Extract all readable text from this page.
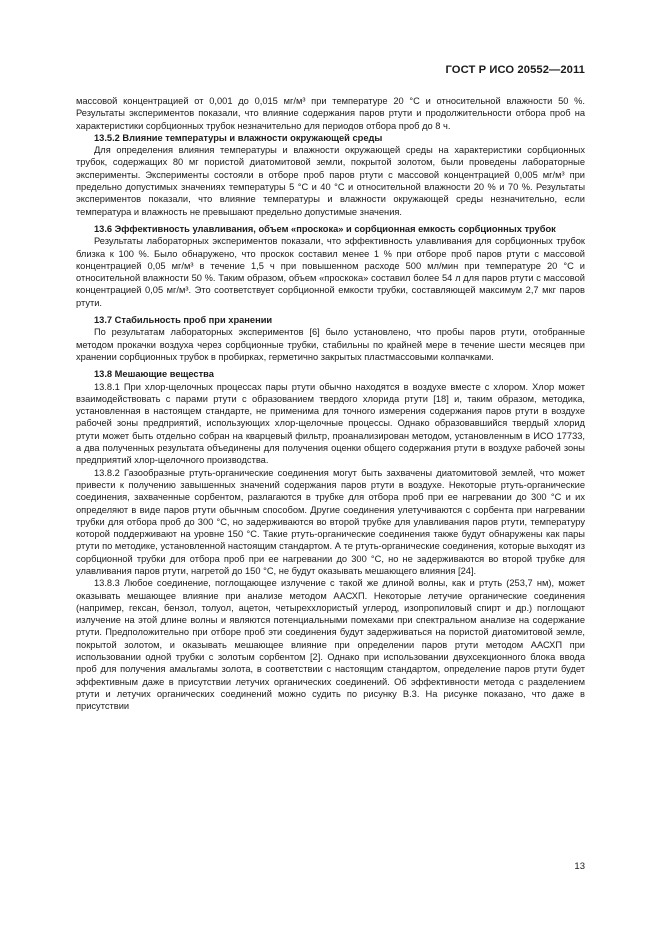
ГОСТ Р ИСО 20552—2011

массовой концентрацией от 0,001 до 0,015 мг/м³ при температуре 20 °С и относительной влажности 50 %. Результаты экспериментов показали, что влияние содержания паров ртути и продолжительности отбора проб на характеристики сорбционных трубок незначительно для периодов отбора проб до 8 ч.

13.5.2 Влияние температуры и влажности окружающей среды

Для определения влияния температуры и влажности окружающей среды на характеристики сорбционных трубок, содержащих 80 мг пористой диатомитовой земли, покрытой золотом, были проведены лабораторные эксперименты. Эксперименты состояли в отборе проб паров ртути с массовой концентрацией 0,005 мг/м³ при предельно допустимых значениях температуры 5 °С и 40 °С и относительной влажности 20 % и 70 %. Результаты экспериментов показали, что влияние температуры и влажности окружающей среды незначительно, если температура и влажность не превышают предельно допустимые значения.

13.6 Эффективность улавливания, объем «проскока» и сорбционная емкость сорбционных трубок

Результаты лабораторных экспериментов показали, что эффективность улавливания для сорбционных трубок близка к 100 %. Было обнаружено, что проскок составил менее 1 % при отборе проб паров ртути с массовой концентрацией 0,05 мг/м³ в течение 1,5 ч при повышенном расходе 500 мл/мин при температуре 20 °С и относительной влажности 50 %. Таким образом, объем «проскока» составил более 54 л для паров ртути с массовой концентрацией 0,05 мг/м³. Это соответствует сорбционной емкости трубки, составляющей максимум 2,7 мкг паров ртути.

13.7 Стабильность проб при хранении

По результатам лабораторных экспериментов [6] было установлено, что пробы паров ртути, отобранные методом прокачки воздуха через сорбционные трубки, стабильны по крайней мере в течение шести месяцев при хранении сорбционных трубок в пробирках, герметично закрытых пластмассовыми колпачками.

13.8 Мешающие вещества

13.8.1 При хлор-щелочных процессах пары ртути обычно находятся в воздухе вместе с хлором. Хлор может взаимодействовать с парами ртути с образованием твердого хлорида ртути [18] и, таким образом, методика, установленная в настоящем стандарте, не применима для точного измерения содержания паров ртути в воздухе рабочей зоны предприятий, использующих хлор-щелочные процессы. Однако образовавшийся твердый хлорид ртути может быть отдельно собран на кварцевый фильтр, проанализирован методом, установленным в ИСО 17733, а два полученных результата объединены для получения оценки общего содержания ртути в воздухе рабочей зоны предприятий хлор-щелочного производства.

13.8.2 Газообразные ртуть-органические соединения могут быть захвачены диатомитовой землей, что может привести к получению завышенных значений содержания паров ртути в воздухе. Некоторые ртуть-органические соединения, захваченные сорбентом, разлагаются в трубке для отбора проб при ее нагревании до 300 °С и их определяют в виде паров ртути обычным способом. Другие соединения улетучиваются с сорбента при нагревании трубки для отбора проб до 300 °С, но задерживаются во второй трубке для улавливания паров ртути, температуру которой поддерживают на уровне 150 °С. Такие ртуть-органические соединения также будут обнаружены как пары ртути по методике, установленной настоящим стандартом. А те ртуть-органические соединения, которые выходят из сорбционной трубки для отбора проб при ее нагревании до 300 °С, но не задерживаются во второй трубке для улавливания паров ртути, нагретой до 150 °С, не будут оказывать мешающего влияния [24].

13.8.3 Любое соединение, поглощающее излучение с такой же длиной волны, как и ртуть (253,7 нм), может оказывать мешающее влияние при анализе методом ААСХП. Некоторые летучие органические соединения (например, гексан, бензол, толуол, ацетон, четыреххлористый углерод, изопропиловый спирт и др.) поглощают излучение на этой длине волны и являются потенциальными помехами при спектральном анализе на содержание ртути. Предположительно при отборе проб эти соединения будут задерживаться на пористой диатомитовой земле, покрытой золотом, и оказывать мешающее влияние при определении паров ртути методом ААСХП при использовании одной трубки с золотым сорбентом [2]. Однако при использовании двухсекционного блока ввода проб для получения амальгамы золота, в соответствии с настоящим стандартом, определение паров ртути будет эффективным даже в присутствии летучих органических соединений. Об эффективности метода с разделением ртути и летучих органических соединений можно судить по рисунку В.3. На рисунке показано, что даже в присутствии

13
